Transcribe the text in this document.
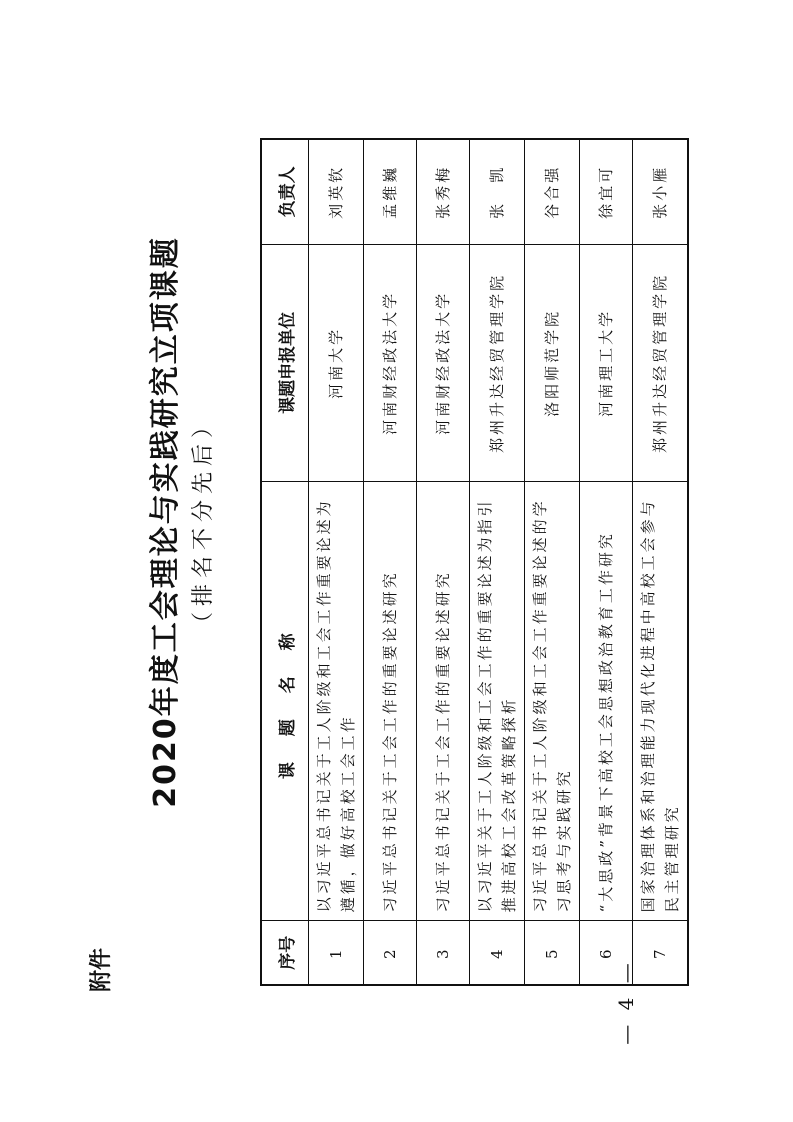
— 4 —
附件
2020年度工会理论与实践研究立项课题 （排名不分先后）
序号	课 题 名 称	课题申报单位	负责人
1	以习近平总书记关于工人阶级和工会工作重要论述为遵循，做好高校工会工作	河南大学	刘英钦
2	习近平总书记关于工会工作的重要论述研究	河南财经政法大学	孟维巍
3	习近平总书记关于工会工作的重要论述研究	河南财经政法大学	张秀梅
4	以习近平关于工人阶级和工会工作的重要论述为指引推进高校工会改革策略探析	郑州升达经贸管理学院	张　凯
5	习近平总书记关于工人阶级和工会工作重要论述的学习思考与实践研究	洛阳师范学院	谷合强
6	“大思政”背景下高校工会思想政治教育工作研究	河南理工大学	徐宜可
7	国家治理体系和治理能力现代化进程中高校工会参与民主管理研究	郑州升达经贸管理学院	张小雁
